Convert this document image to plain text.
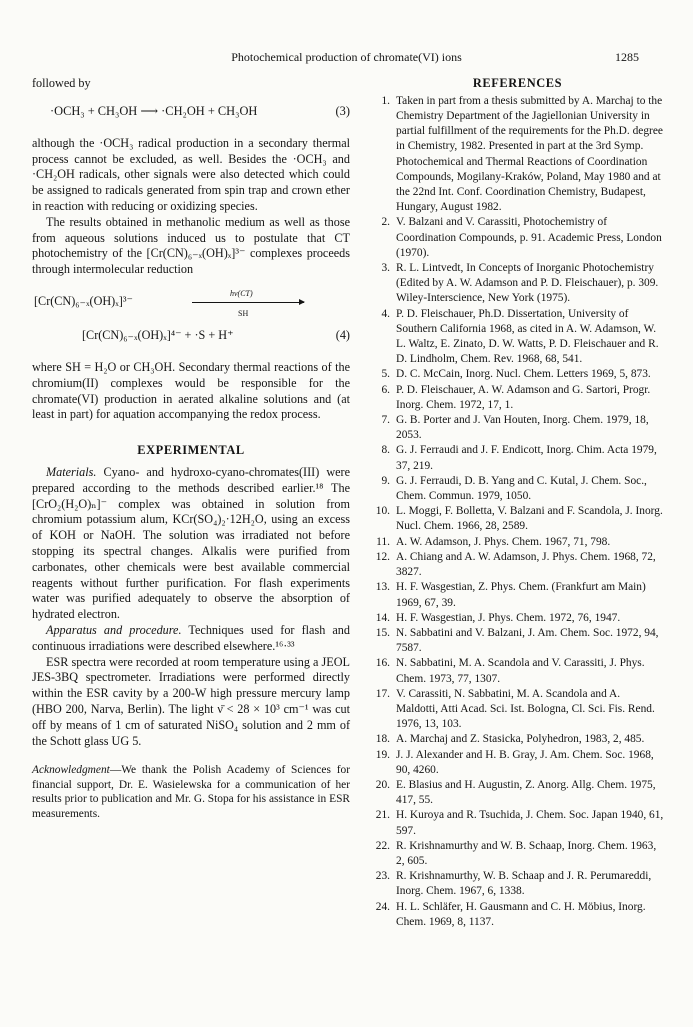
Photochemical production of chromate(VI) ions	1285

followed by

·OCH₃ + CH₃OH ⟶ ·CH₂OH + CH₃OH	(3)

although the ·OCH₃ radical production in a secondary thermal process cannot be excluded, as well. Besides the ·OCH₃ and ·CH₂OH radicals, other signals were also detected which could be assigned to radicals generated from spin trap and crown ether in reaction with reducing or oxidizing species.

The results obtained in methanolic medium as well as those from aqueous solutions induced us to postulate that CT photochemistry of the [Cr(CN)₆₋ₓ(OH)ₓ]³⁻ complexes proceeds through intermolecular reduction

[Cr(CN)₆₋ₓ(OH)ₓ]³⁻
hν(CT)
SH
[Cr(CN)₆₋ₓ(OH)ₓ]⁴⁻ + ·S + H⁺	(4)

where SH = H₂O or CH₃OH. Secondary thermal reactions of the chromium(II) complexes would be responsible for the chromate(VI) production in aerated alkaline solutions and (at least in part) for aquation accompanying the redox process.

EXPERIMENTAL

Materials. Cyano- and hydroxo-cyano-chromates(III) were prepared according to the methods described earlier.¹⁸ The [CrO₂(H₂O)ₙ]⁻ complex was obtained in solution from chromium potassium alum, KCr(SO₄)₂·12H₂O, using an excess of KOH or NaOH. The solution was irradiated not before stopping its spectral changes. Alkalis were purified from carbonates, other chemicals were best available commercial reagents without further purification. For flash experiments water was purified adequately to observe the absorption of hydrated electron.

Apparatus and procedure. Techniques used for flash and continuous irradiations were described elsewhere.¹⁶·³³

ESR spectra were recorded at room temperature using a JEOL JES-3BQ spectrometer. Irradiations were performed directly within the ESR cavity by a 200-W high pressure mercury lamp (HBO 200, Narva, Berlin). The light ν̄ < 28 × 10³ cm⁻¹ was cut off by means of 1 cm of saturated NiSO₄ solution and 2 mm of the Schott glass UG 5.

Acknowledgment—We thank the Polish Academy of Sciences for financial support, Dr. E. Wasielewska for a communication of her results prior to publication and Mr. G. Stopa for his assistance in ESR measurements.

REFERENCES
1. Taken in part from a thesis submitted by A. Marchaj to the Chemistry Department of the Jagiellonian University in partial fulfillment of the requirements for the Ph.D. degree in Chemistry, 1982. Presented in part at the 3rd Symp. Photochemical and Thermal Reactions of Coordination Compounds, Mogilany-Kraków, Poland, May 1980 and at the 22nd Int. Conf. Coordination Chemistry, Budapest, Hungary, August 1982.
2. V. Balzani and V. Carassiti, Photochemistry of Coordination Compounds, p. 91. Academic Press, London (1970).
3. R. L. Lintvedt, In Concepts of Inorganic Photochemistry (Edited by A. W. Adamson and P. D. Fleischauer), p. 309. Wiley-Interscience, New York (1975).
4. P. D. Fleischauer, Ph.D. Dissertation, University of Southern California 1968, as cited in A. W. Adamson, W. L. Waltz, E. Zinato, D. W. Watts, P. D. Fleischauer and R. D. Lindholm, Chem. Rev. 1968, 68, 541.
5. D. C. McCain, Inorg. Nucl. Chem. Letters 1969, 5, 873.
6. P. D. Fleischauer, A. W. Adamson and G. Sartori, Progr. Inorg. Chem. 1972, 17, 1.
7. G. B. Porter and J. Van Houten, Inorg. Chem. 1979, 18, 2053.
8. G. J. Ferraudi and J. F. Endicott, Inorg. Chim. Acta 1979, 37, 219.
9. G. J. Ferraudi, D. B. Yang and C. Kutal, J. Chem. Soc., Chem. Commun. 1979, 1050.
10. L. Moggi, F. Bolletta, V. Balzani and F. Scandola, J. Inorg. Nucl. Chem. 1966, 28, 2589.
11. A. W. Adamson, J. Phys. Chem. 1967, 71, 798.
12. A. Chiang and A. W. Adamson, J. Phys. Chem. 1968, 72, 3827.
13. H. F. Wasgestian, Z. Phys. Chem. (Frankfurt am Main) 1969, 67, 39.
14. H. F. Wasgestian, J. Phys. Chem. 1972, 76, 1947.
15. N. Sabbatini and V. Balzani, J. Am. Chem. Soc. 1972, 94, 7587.
16. N. Sabbatini, M. A. Scandola and V. Carassiti, J. Phys. Chem. 1973, 77, 1307.
17. V. Carassiti, N. Sabbatini, M. A. Scandola and A. Maldotti, Atti Acad. Sci. Ist. Bologna, Cl. Sci. Fis. Rend. 1976, 13, 103.
18. A. Marchaj and Z. Stasicka, Polyhedron, 1983, 2, 485.
19. J. J. Alexander and H. B. Gray, J. Am. Chem. Soc. 1968, 90, 4260.
20. E. Blasius and H. Augustin, Z. Anorg. Allg. Chem. 1975, 417, 55.
21. H. Kuroya and R. Tsuchida, J. Chem. Soc. Japan 1940, 61, 597.
22. R. Krishnamurthy and W. B. Schaap, Inorg. Chem. 1963, 2, 605.
23. R. Krishnamurthy, W. B. Schaap and J. R. Perumareddi, Inorg. Chem. 1967, 6, 1338.
24. H. L. Schläfer, H. Gausmann and C. H. Möbius, Inorg. Chem. 1969, 8, 1137.
